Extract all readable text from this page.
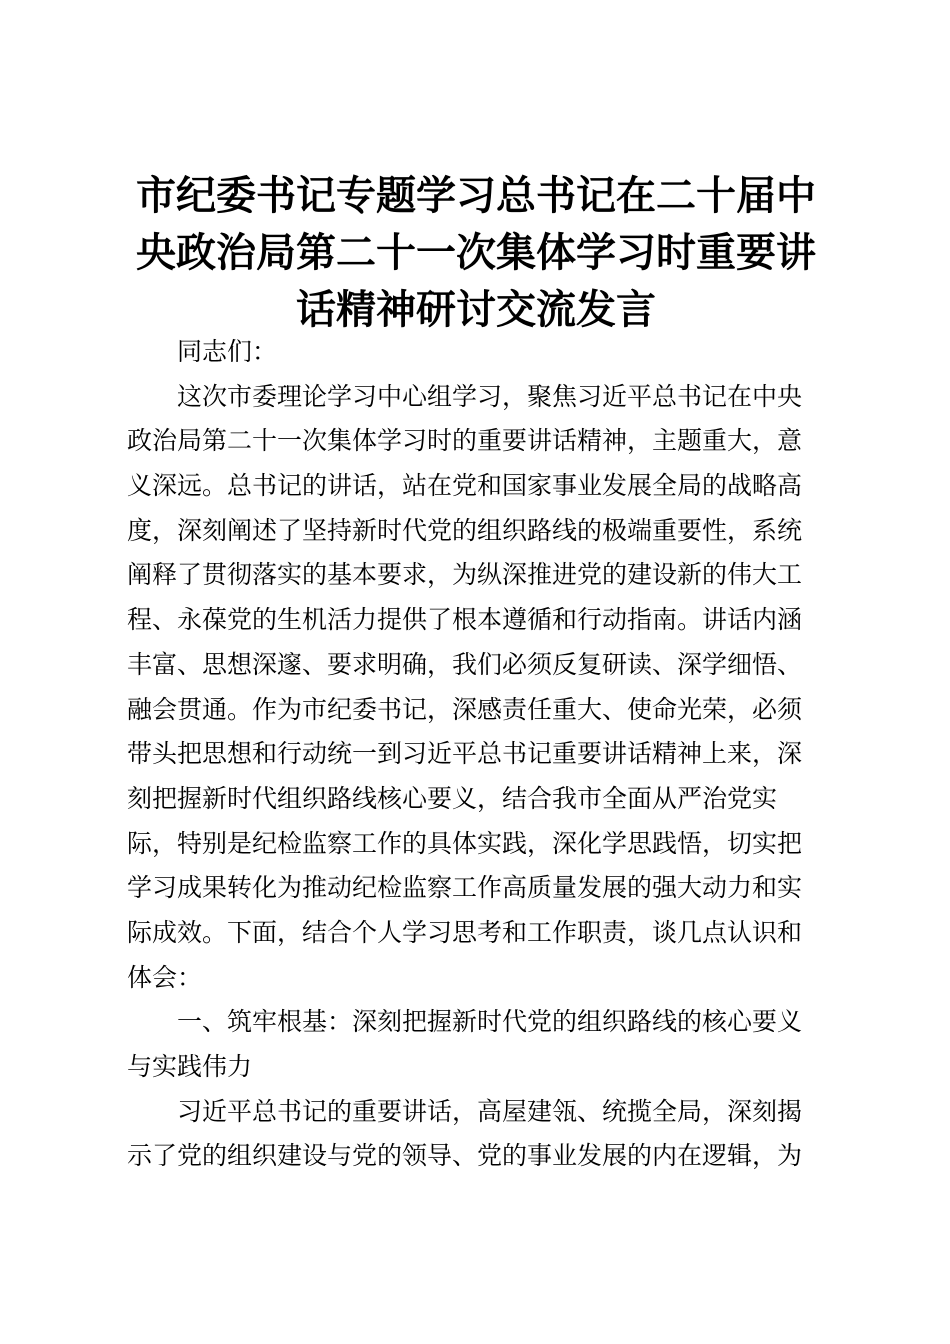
市纪委书记专题学习总书记在二十届中
央政治局第二十一次集体学习时重要讲
话精神研讨交流发言
同志们：
这次市委理论学习中心组学习，聚焦习近平总书记在中央
政治局第二十一次集体学习时的重要讲话精神，主题重大，意
义深远。总书记的讲话，站在党和国家事业发展全局的战略高
度，深刻阐述了坚持新时代党的组织路线的极端重要性，系统
阐释了贯彻落实的基本要求，为纵深推进党的建设新的伟大工
程、永葆党的生机活力提供了根本遵循和行动指南。讲话内涵
丰富、思想深邃、要求明确，我们必须反复研读、深学细悟、
融会贯通。作为市纪委书记，深感责任重大、使命光荣，必须
带头把思想和行动统一到习近平总书记重要讲话精神上来，深
刻把握新时代组织路线核心要义，结合我市全面从严治党实
际，特别是纪检监察工作的具体实践，深化学思践悟，切实把
学习成果转化为推动纪检监察工作高质量发展的强大动力和实
际成效。下面，结合个人学习思考和工作职责，谈几点认识和
体会：
一、筑牢根基：深刻把握新时代党的组织路线的核心要义
与实践伟力
习近平总书记的重要讲话，高屋建瓴、统揽全局，深刻揭
示了党的组织建设与党的领导、党的事业发展的内在逻辑，为
